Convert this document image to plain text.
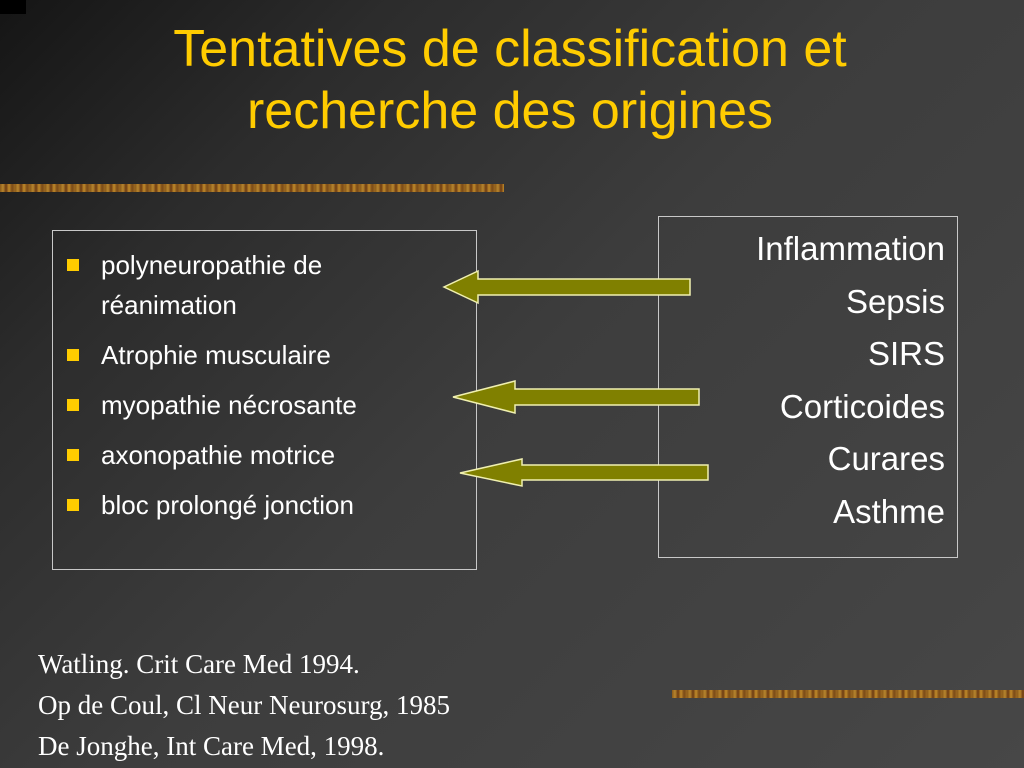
Tentatives de classification et
recherche des origines
polyneuropathie de
réanimation
Atrophie musculaire
myopathie nécrosante
axonopathie motrice
bloc prolongé jonction
Inflammation
Sepsis
SIRS
Corticoides
Curares
Asthme
Watling. Crit Care Med 1994.
Op de Coul, Cl Neur Neurosurg, 1985
De Jonghe, Int Care Med, 1998.
